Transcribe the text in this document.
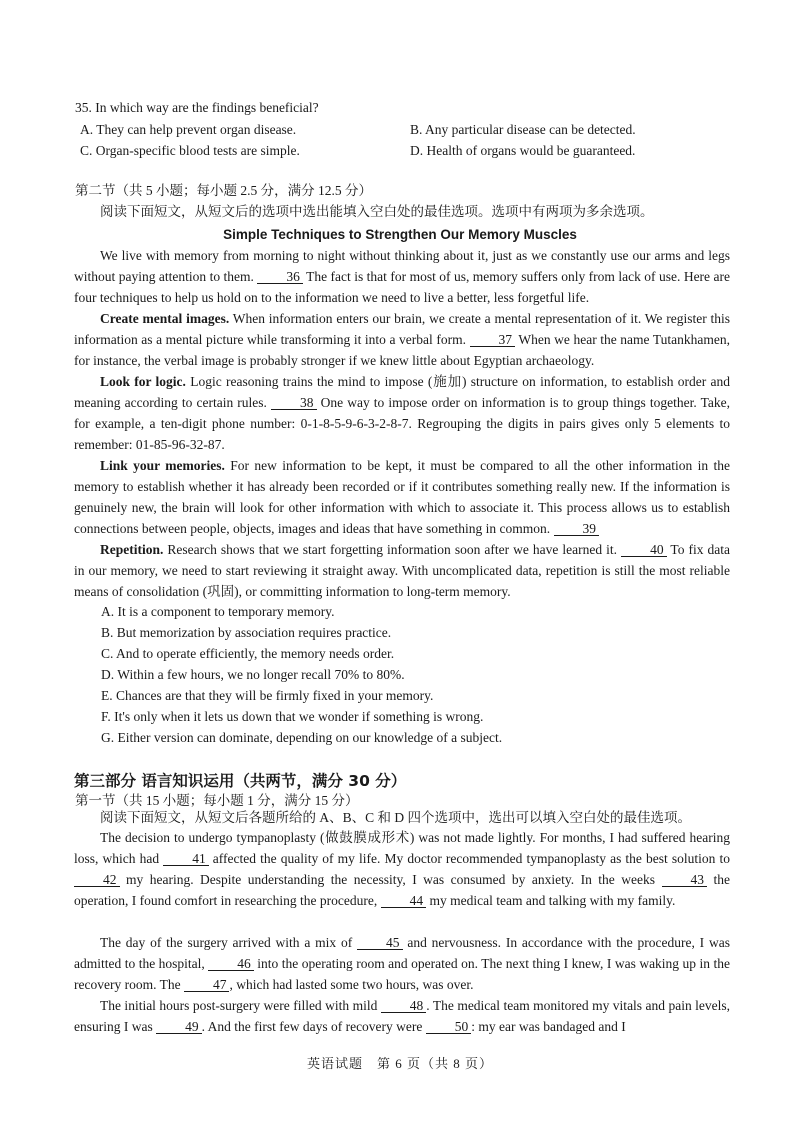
35. In which way are the findings beneficial?
A. They can help prevent organ disease.	B. Any particular disease can be detected.
C. Organ-specific blood tests are simple.	D. Health of organs would be guaranteed.
第二节（共 5 小题；每小题 2.5 分，满分 12.5 分）
阅读下面短文，从短文后的选项中选出能填入空白处的最佳选项。选项中有两项为多余选项。
Simple Techniques to Strengthen Our Memory Muscles

We live with memory from morning to night without thinking about it, just as we constantly use our arms and legs without paying attention to them. 36 The fact is that for most of us, memory suffers only from lack of use. Here are four techniques to help us hold on to the information we need to live a better, less forgetful life.

Create mental images. When information enters our brain, we create a mental representation of it. We register this information as a mental picture while transforming it into a verbal form. 37 When we hear the name Tutankhamen, for instance, the verbal image is probably stronger if we knew little about Egyptian archaeology.

Look for logic. Logic reasoning trains the mind to impose (施加) structure on information, to establish order and meaning according to certain rules. 38 One way to impose order on information is to group things together. Take, for example, a ten-digit phone number: 0-1-8-5-9-6-3-2-8-7. Regrouping the digits in pairs gives only 5 elements to remember: 01-85-96-32-87.

Link your memories. For new information to be kept, it must be compared to all the other information in the memory to establish whether it has already been recorded or if it contributes something really new. If the information is genuinely new, the brain will look for other information with which to associate it. This process allows us to establish connections between people, objects, images and ideas that have something in common. 39

Repetition. Research shows that we start forgetting information soon after we have learned it. 40 To fix data in our memory, we need to start reviewing it straight away. With uncomplicated data, repetition is still the most reliable means of consolidation (巩固), or committing information to long-term memory.

A. It is a component to temporary memory.
B. But memorization by association requires practice.
C. And to operate efficiently, the memory needs order.
D. Within a few hours, we no longer recall 70% to 80%.
E. Chances are that they will be firmly fixed in your memory.
F. It's only when it lets us down that we wonder if something is wrong.
G. Either version can dominate, depending on our knowledge of a subject.
第三部分 语言知识运用（共两节，满分 30 分）
第一节（共 15 小题；每小题 1 分，满分 15 分）
阅读下面短文，从短文后各题所给的 A、B、C 和 D 四个选项中，选出可以填入空白处的最佳选项。

The decision to undergo tympanoplasty (做鼓膜成形术) was not made lightly. For months, I had suffered hearing loss, which had 41 affected the quality of my life. My doctor recommended tympanoplasty as the best solution to 42 my hearing. Despite understanding the necessity, I was consumed by anxiety. In the weeks 43 the operation, I found comfort in researching the procedure, 44 my medical team and talking with my family.

The day of the surgery arrived with a mix of 45 and nervousness. In accordance with the procedure, I was admitted to the hospital, 46 into the operating room and operated on. The next thing I knew, I was waking up in the recovery room. The 47 , which had lasted some two hours, was over.

The initial hours post-surgery were filled with mild 48 . The medical team monitored my vitals and pain levels, ensuring I was 49 . And the first few days of recovery were 50 : my ear was bandaged and I

英语试题　第 6 页（共 8 页）
